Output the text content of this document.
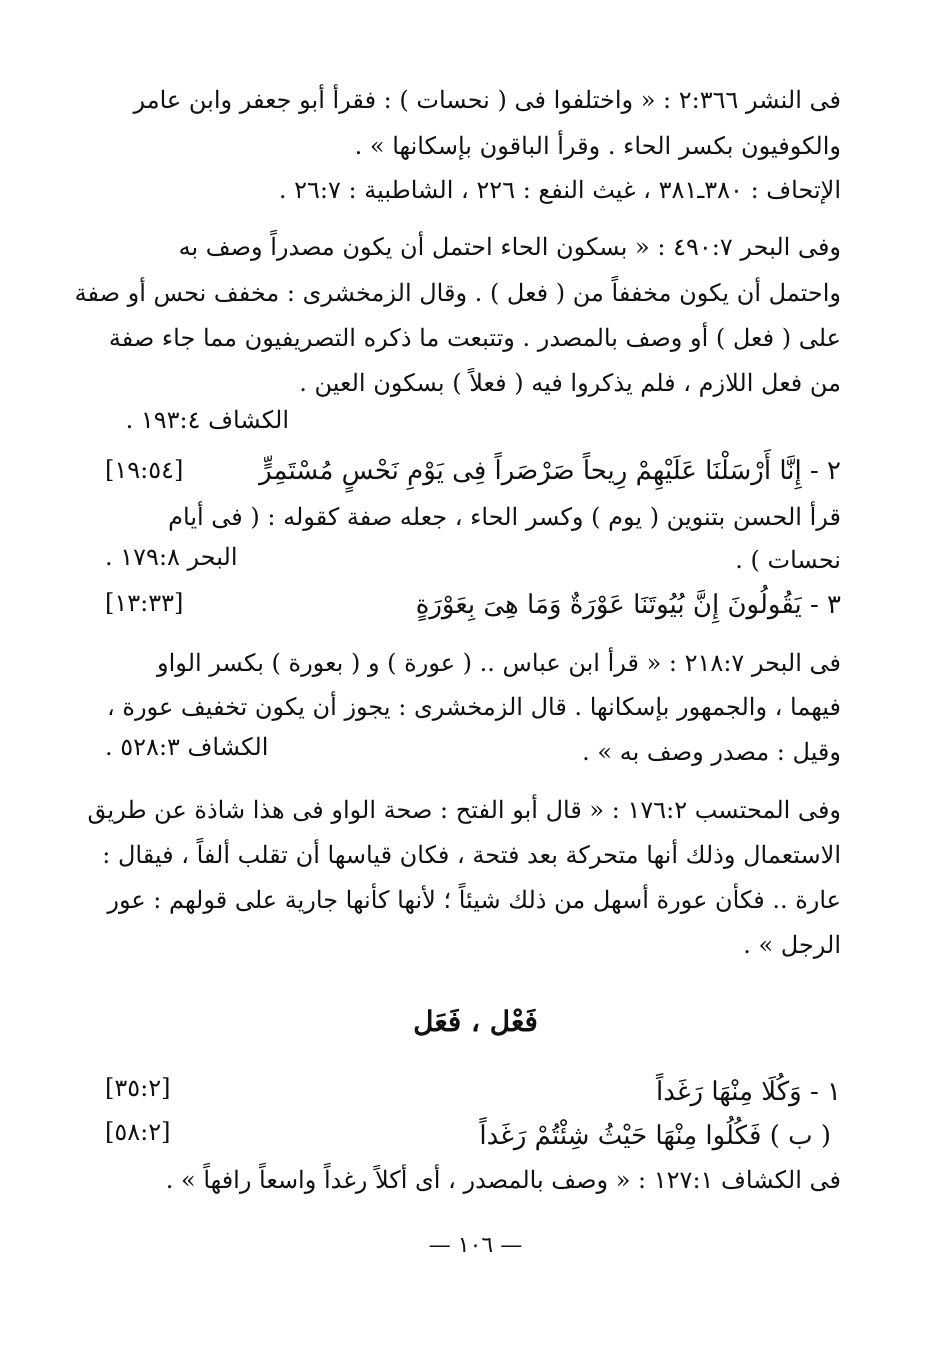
فى النشر ٢:٣٦٦ : « واختلفوا فى ( نحسات ) : فقرأ أبو جعفر وابن عامر
والكوفيون بكسر الحاء . وقرأ الباقون بإسكانها » .
الإتحاف : ٣٨٠ـ٣٨١ ، غيث النفع : ٢٢٦ ، الشاطبية : ٢٦:٧ .
وفى البحر ٤٩٠:٧ : « بسكون الحاء احتمل أن يكون مصدراً وصف به
واحتمل أن يكون مخففاً من ( فعل ) . وقال الزمخشرى : مخفف نحس أو صفة
على ( فعل ) أو وصف بالمصدر . وتتبعت ما ذكره التصريفيون مما جاء صفة
من فعل اللازم ، فلم يذكروا فيه ( فعلاً ) بسكون العين .
الكشاف ١٩٣:٤ .
٢ - إِنَّا أَرْسَلْنَا عَلَيْهِمْ رِيحاً صَرْصَراً فِى يَوْمِ نَحْسٍ مُسْتَمِرٍّ
[١٩:٥٤]
قرأ الحسن بتنوين ( يوم ) وكسر الحاء ، جعله صفة كقوله : ( فى أيام
نحسات ) .
البحر ١٧٩:٨ .
٣ - يَقُولُونَ إِنَّ بُيُوتَنَا عَوْرَةٌ وَمَا هِىَ بِعَوْرَةٍ
[١٣:٣٣]
فى البحر ٢١٨:٧ : « قرأ ابن عباس .. ( عورة ) و ( بعورة ) بكسر الواو
فيهما ، والجمهور بإسكانها . قال الزمخشرى : يجوز أن يكون تخفيف عورة ،
وقيل : مصدر وصف به » .
الكشاف ٥٢٨:٣ .
وفى المحتسب ١٧٦:٢ : « قال أبو الفتح : صحة الواو فى هذا شاذة عن طريق
الاستعمال وذلك أنها متحركة بعد فتحة ، فكان قياسها أن تقلب ألفاً ، فيقال :
عارة .. فكأن عورة أسهل من ذلك شيئاً ؛ لأنها كأنها جارية على قولهم : عور
الرجل » .
فَعْل ، فَعَل
١ - وَكُلَا مِنْهَا رَغَداً
[٣٥:٢]
( ب ) فَكُلُوا مِنْهَا حَيْثُ شِئْتُمْ رَغَداً
[٥٨:٢]
فى الكشاف ١٢٧:١ : « وصف بالمصدر ، أى أكلاً رغداً واسعاً رافهاً » .
— ١٠٦ —
